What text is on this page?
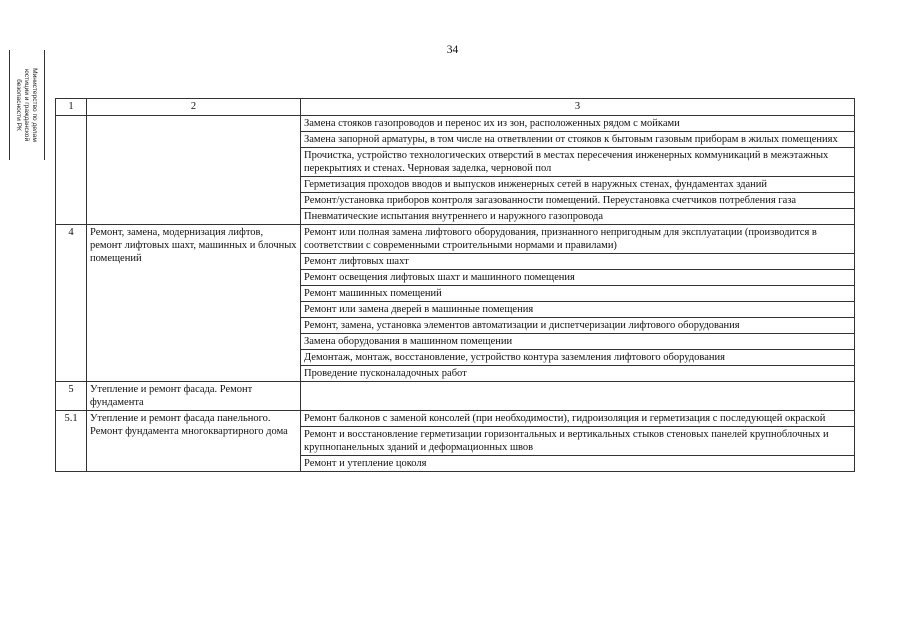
34
Министерство по делам
юстиции и гражданской
безопасности РК	1	2	3
		Замена стояков газопроводов и перенос их из зон, расположенных рядом с мойками
		Замена запорной арматуры, в том числе на ответвлении от стояков к бытовым газовым приборам в жилых помещениях
		Прочистка, устройство технологических отверстий в местах пересечения инженерных коммуникаций в межэтажных перекрытиях и стенах. Черновая заделка, черновой пол
		Герметизация проходов вводов и выпусков инженерных сетей в наружных стенах, фундаментах зданий
		Ремонт/установка приборов контроля загазованности помещений. Переустановка счетчиков потребления газа
		Пневматические испытания внутреннего и наружного газопровода
4	Ремонт, замена, модернизация лифтов, ремонт лифтовых шахт, машинных и блочных помещений	Ремонт или полная замена лифтового оборудования, признанного непригодным для эксплуатации (производится в соответствии с современными строительными нормами и правилами)
		Ремонт лифтовых шахт
		Ремонт освещения лифтовых шахт и машинного помещения
		Ремонт машинных помещений
		Ремонт или замена дверей в машинные помещения
		Ремонт, замена, установка элементов автоматизации и диспетчеризации лифтового оборудования
		Замена оборудования в машинном помещении
		Демонтаж, монтаж, восстановление, устройство контура заземления лифтового оборудования
		Проведение пусконаладочных работ
5	Утепление и ремонт фасада. Ремонт фундамента	
5.1	Утепление и ремонт фасада панельного.
Ремонт фундамента многоквартирного дома	Ремонт балконов с заменой консолей (при необходимости), гидроизоляция и герметизация с последующей окраской
		Ремонт и восстановление герметизации горизонтальных и вертикальных стыков стеновых панелей крупноблочных и крупнопанельных зданий и деформационных швов
		Ремонт и утепление цоколя
